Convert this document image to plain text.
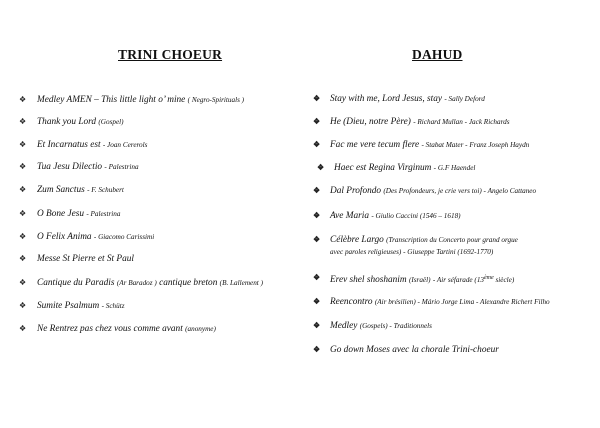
TRINI CHOEUR
❖	Medley AMEN – This little light o’ mine ( Negro-Spirituals )
❖	Thank you Lord (Gospel)
❖	Et Incarnatus est - Joan Cererols
❖	Tua Jesu Dilectio - Palestrina
❖	Zum Sanctus - F. Schubert
❖	O Bone Jesu - Palestrina
❖	O Felix Anima - Giacomo Carissimi
❖	Messe St Pierre et St Paul
❖	Cantique du Paradis (Ar Baradoz ) cantique breton (B. Lallement )
❖	Sumite Psalmum - Schütz
❖	Ne Rentrez pas chez vous comme avant (anonyme)
DAHUD
❖	Stay with me, Lord Jesus, stay - Sally Deford
❖	He (Dieu, notre Père) - Richard Mullan - Jack Richards
❖	Fac me vere tecum flere - Stabat Mater - Franz Joseph Haydn
❖	Haec est Regina Virginum - G.F Haendel
❖	Dal Profondo (Des Profondeurs, je crie vers toi) - Angelo Cattaneo
❖	Ave Maria - Giulio Caccini (1546 – 1618)
❖	Célèbre Largo (Transcription du Concerto pour grand orgue
avec paroles religieuses) - Giuseppe Tartini (1692-1770)
❖	Erev shel shoshanim (Israël) - Air séfarade (13ème siècle)
❖	Reencontro (Air brésilien) - Mário Jorge Lima - Alexandre Richert Filho
❖	Medley (Gospels) - Traditionnels
❖	Go down Moses avec la chorale Trini-choeur
